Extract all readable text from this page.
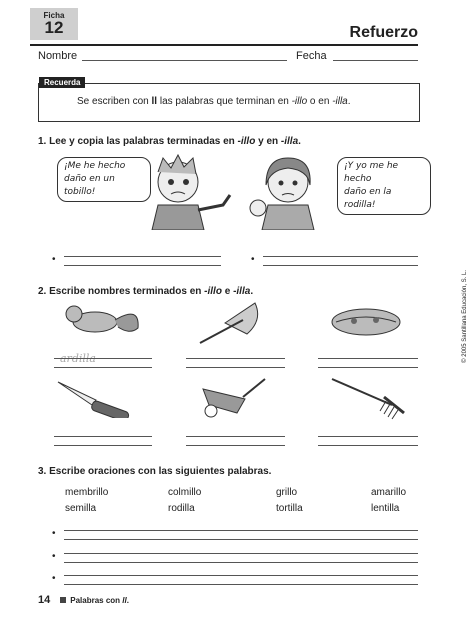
Ficha
12	Refuerzo
Nombre	Fecha
Recuerda
Se escriben con ll las palabras que terminan en -illo o en -illa.
1. Lee y copia las palabras terminadas en -illo y en -illa.
¡Me he hecho
daño en un tobillo!
¡Y yo me he hecho
daño en la rodilla!
•	•
2. Escribe nombres terminados en -illo e -illa.
ardilla
3. Escribe oraciones con las siguientes palabras.
membrillo	colmillo	grillo	amarillo
semilla	rodilla	tortilla	lentilla
•
•
•
© 2005 Santillana Educación, S. L.
14	Palabras con ll.
